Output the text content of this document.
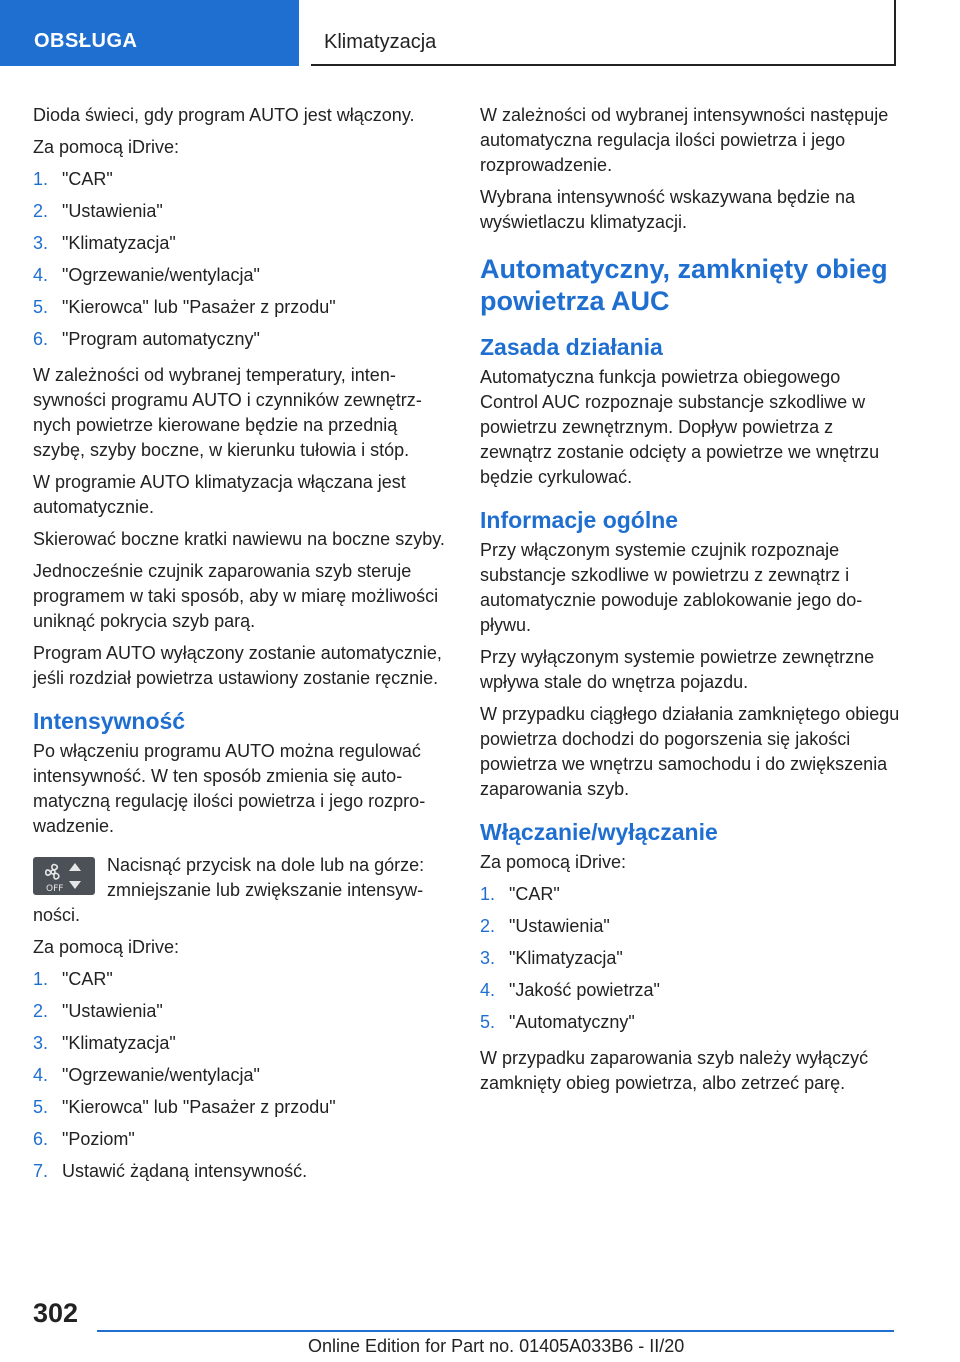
OBSŁUGA	Klimatyzacja

Dioda świeci, gdy program AUTO jest włączony.

Za pomocą iDrive:

1. "CAR"
2. "Ustawienia"
3. "Klimatyzacja"
4. "Ogrzewanie/wentylacja"
5. "Kierowca" lub "Pasażer z przodu"
6. "Program automatyczny"

W zależności od wybranej temperatury, intensywności programu AUTO i czynników zewnętrznych powietrze kierowane będzie na przednią szybę, szyby boczne, w kierunku tułowia i stóp.

W programie AUTO klimatyzacja włączana jest automatycznie.

Skierować boczne kratki nawiewu na boczne szyby.

Jednocześnie czujnik zaparowania szyb steruje programem w taki sposób, aby w miarę możliwości uniknąć pokrycia szyb parą.

Program AUTO wyłączony zostanie automatycznie, jeśli rozdział powietrza ustawiony zostanie ręcznie.

Intensywność

Po włączeniu programu AUTO można regulować intensywność. W ten sposób zmienia się automatyczną regulację ilości powietrza i jego rozprowadzenie.

OFF
Nacisnąć przycisk na dole lub na górze: zmniejszanie lub zwiększanie intensywności.

Za pomocą iDrive:

1. "CAR"
2. "Ustawienia"
3. "Klimatyzacja"
4. "Ogrzewanie/wentylacja"
5. "Kierowca" lub "Pasażer z przodu"
6. "Poziom"
7. Ustawić żądaną intensywność.

W zależności od wybranej intensywności następuje automatyczna regulacja ilości powietrza i jego rozprowadzenie.

Wybrana intensywność wskazywana będzie na wyświetlaczu klimatyzacji.

Automatyczny, zamknięty obieg powietrza AUC
Zasada działania

Automatyczna funkcja powietrza obiegowego Control AUC rozpoznaje substancje szkodliwe w powietrzu zewnętrznym. Dopływ powietrza z zewnątrz zostanie odcięty a powietrze we wnętrzu będzie cyrkulować.

Informacje ogólne

Przy włączonym systemie czujnik rozpoznaje substancje szkodliwe w powietrzu z zewnątrz i automatycznie powoduje zablokowanie jego dopływu.

Przy wyłączonym systemie powietrze zewnętrzne wpływa stale do wnętrza pojazdu.

W przypadku ciągłego działania zamkniętego obiegu powietrza dochodzi do pogorszenia się jakości powietrza we wnętrzu samochodu i do zwiększenia zaparowania szyb.

Włączanie/wyłączanie

Za pomocą iDrive:

1. "CAR"
2. "Ustawienia"
3. "Klimatyzacja"
4. "Jakość powietrza"
5. "Automatyczny"

W przypadku zaparowania szyb należy wyłączyć zamknięty obieg powietrza, albo zetrzeć parę.

302
Online Edition for Part no. 01405A033B6 - II/20
